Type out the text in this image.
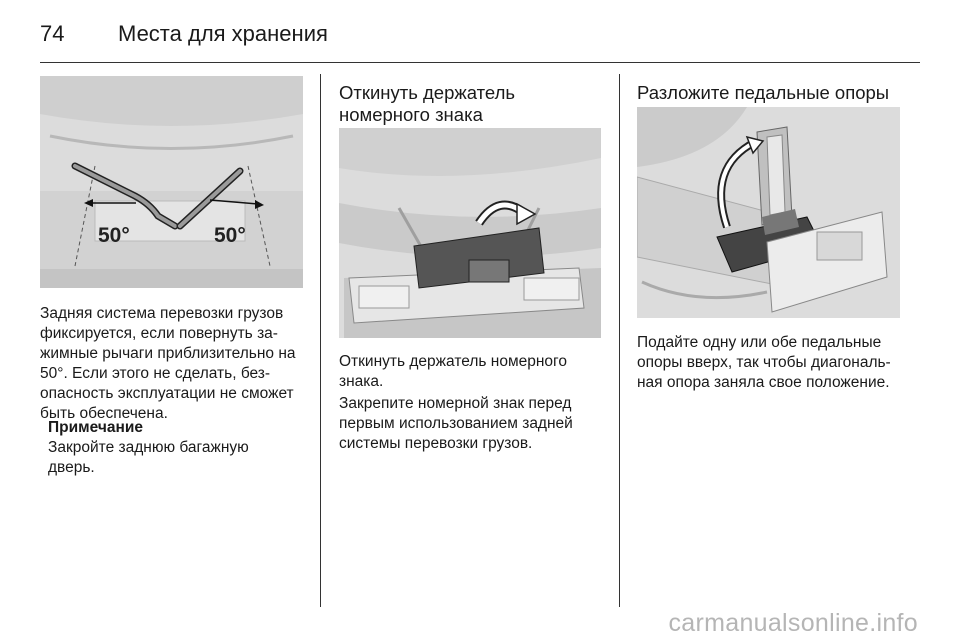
74	Места для хранения
50°	50°

Задняя система перевозки грузов фиксируется, если повернуть за-жимные рычаги приблизительно на 50°. Если этого не сделать, без-опасность эксплуатации не сможет быть обеспечена.

Примечание

Закройте заднюю багажную дверь.

Откинуть держатель номерного знака

Откинуть держатель номерного знака.

Закрепите номерной знак перед первым использованием задней системы перевозки грузов.

Разложите педальные опоры

Подайте одну или обе педальные опоры вверх, так чтобы диагональ-ная опора заняла свое положение.

carmanualsonline.info
